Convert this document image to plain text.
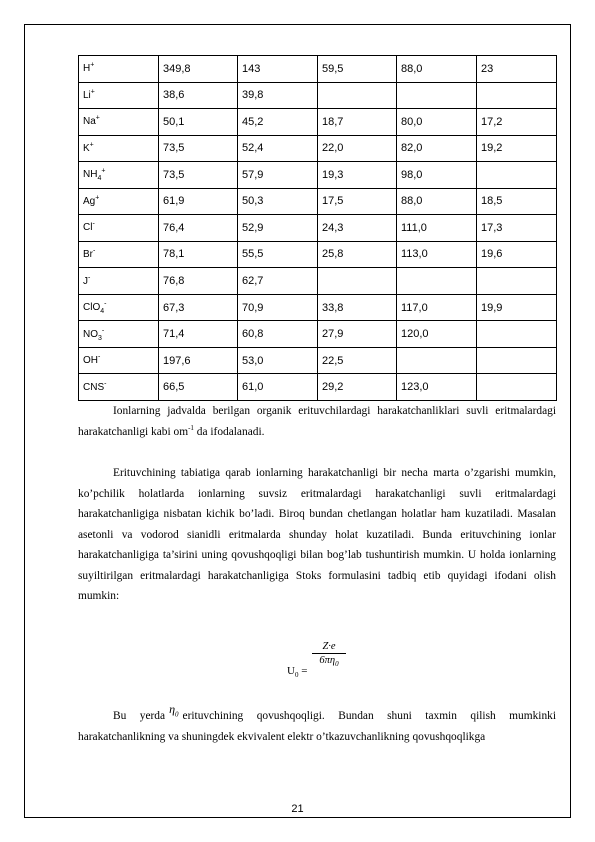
H+	349,8	143	59,5	88,0	23
Li+	38,6	39,8			
Na+	50,1	45,2	18,7	80,0	17,2
K+	73,5	52,4	22,0	82,0	19,2
$NH_4^+$	73,5	57,9	19,3	98,0	
Ag+	61,9	50,3	17,5	88,0	18,5
Cl-	76,4	52,9	24,3	111,0	17,3
Br-	78,1	55,5	25,8	113,0	19,6
J-	76,8	62,7			
ClO$_4$-	67,3	70,9	33,8	117,0	19,9
$NO_3^-$	71,4	60,8	27,9	120,0	
OH-	197,6	53,0	22,5		
CNS-	66,5	61,0	29,2	123,0	

Ionlarning jadvalda berilgan organik erituvchilardagi harakatchanliklari suvli eritmalardagi harakatchanligi kabi $om^{-1}$ da ifodalanadi.

Erituvchining tabiatiga qarab ionlarning harakatchanligi bir necha marta o’zgarishi mumkin, ko’pchilik holatlarda ionlarning suvsiz eritmalardagi harakatchanligi suvli eritmalardagi harakatchanligiga nisbatan kichik bo’ladi. Biroq bundan chetlangan holatlar ham kuzatiladi. Masalan asetonli va vodorod sianidli eritmalarda shunday holat kuzatiladi. Bunda erituvchining ionlar harakatchanligiga ta’sirini uning qovushqoqligi bilan bog’lab tushuntirish mumkin. U holda ionlarning suyiltirilgan eritmalardagi harakatchanligiga Stoks formulasini tadbiq etib quyidagi ifodani olish mumkin:

$U_0$ =
$\frac{Z\cdot e}{6\pi\eta_0}$

Bu yerda $\eta_0$ erituvchining qovushqoqligi. Bundan shuni taxmin qilish mumkinki harakatchanlikning va shuningdek ekvivalent elektr o’tkazuvchanlikning qovushqoqlikga

21
